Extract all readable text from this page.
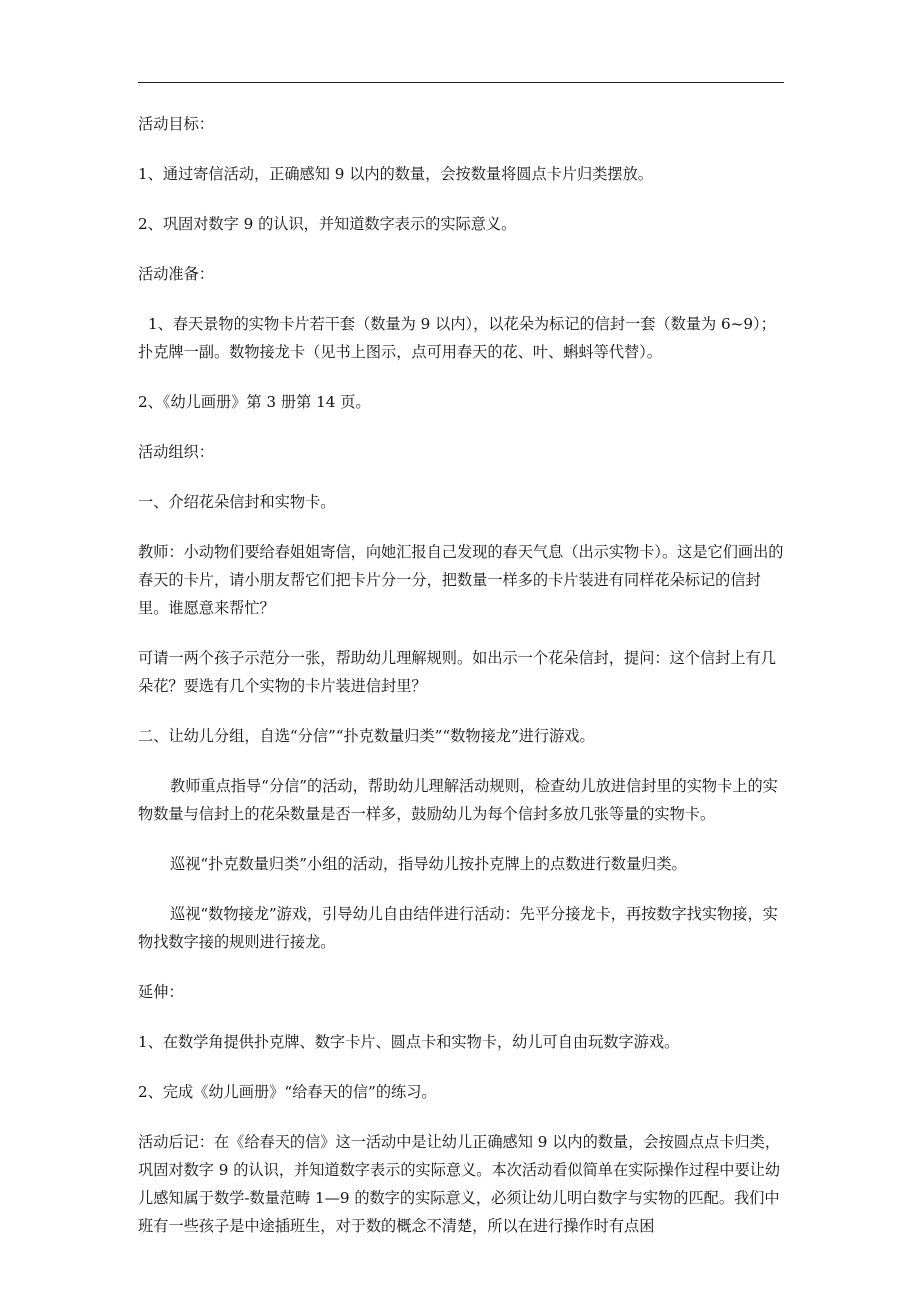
活动目标：

1、通过寄信活动，正确感知 9 以内的数量，会按数量将圆点卡片归类摆放。

2、巩固对数字 9 的认识，并知道数字表示的实际意义。

活动准备：

1、春天景物的实物卡片若干套（数量为 9 以内），以花朵为标记的信封一套（数量为 6~9）；扑克牌一副。数物接龙卡（见书上图示，点可用春天的花、叶、蝌蚪等代替）。

2、《幼儿画册》第 3 册第 14 页。

活动组织：

一、介绍花朵信封和实物卡。

教师：小动物们要给春姐姐寄信，向她汇报自己发现的春天气息（出示实物卡）。这是它们画出的春天的卡片，请小朋友帮它们把卡片分一分，把数量一样多的卡片装进有同样花朵标记的信封里。谁愿意来帮忙？

可请一两个孩子示范分一张，帮助幼儿理解规则。如出示一个花朵信封，提问：这个信封上有几朵花？要选有几个实物的卡片装进信封里？

二、让幼儿分组，自选“分信”“扑克数量归类”“数物接龙”进行游戏。

教师重点指导“分信”的活动，帮助幼儿理解活动规则，检查幼儿放进信封里的实物卡上的实物数量与信封上的花朵数量是否一样多，鼓励幼儿为每个信封多放几张等量的实物卡。

巡视“扑克数量归类”小组的活动，指导幼儿按扑克牌上的点数进行数量归类。

巡视“数物接龙”游戏，引导幼儿自由结伴进行活动：先平分接龙卡，再按数字找实物接，实物找数字接的规则进行接龙。

延伸：

1、在数学角提供扑克牌、数字卡片、圆点卡和实物卡，幼儿可自由玩数字游戏。

2、完成《幼儿画册》“给春天的信”的练习。

活动后记：在《给春天的信》这一活动中是让幼儿正确感知 9 以内的数量，会按圆点点卡归类，巩固对数字 9 的认识，并知道数字表示的实际意义。本次活动看似简单在实际操作过程中要让幼儿感知属于数学-数量范畴 1—9 的数字的实际意义，必须让幼儿明白数字与实物的匹配。我们中班有一些孩子是中途插班生，对于数的概念不清楚，所以在进行操作时有点困
